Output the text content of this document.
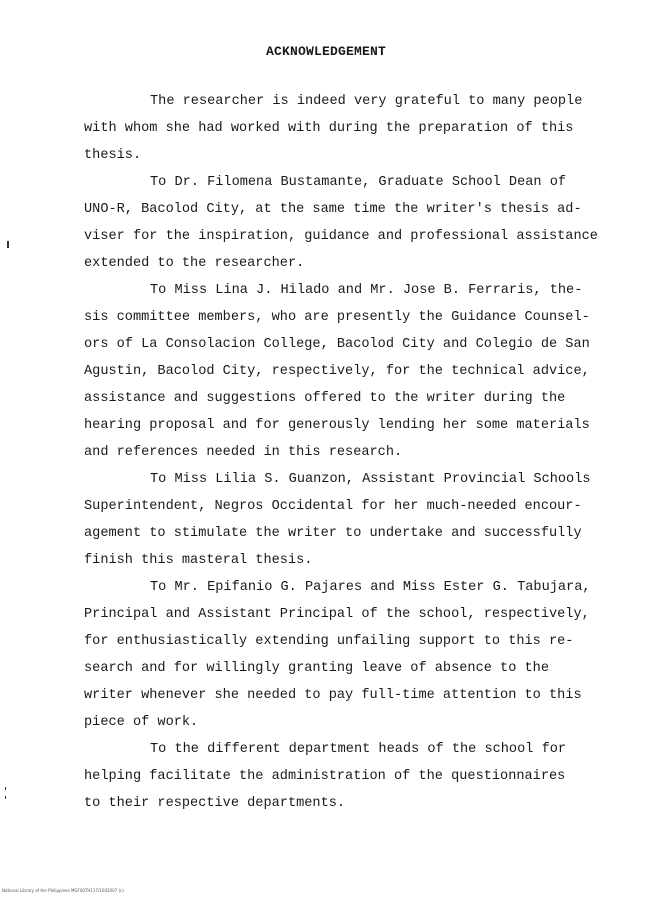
ACKNOWLEDGEMENT
The researcher is indeed very grateful to many people
with whom she had worked with during the preparation of this
thesis.
To Dr. Filomena Bustamante, Graduate School Dean of
UNO-R, Bacolod City, at the same time the writer's thesis ad-
viser for the inspiration, guidance and professional assistance
extended to the researcher.
To Miss Lina J. Hilado and Mr. Jose B. Ferraris, the-
sis committee members, who are presently the Guidance Counsel-
ors of La Consolacion College, Bacolod City and Colegio de San
Agustin, Bacolod City, respectively, for the technical advice,
assistance and suggestions offered to the writer during the
hearing proposal and for generously lending her some materials
and references needed in this research.
To Miss Lilia S. Guanzon, Assistant Provincial Schools
Superintendent, Negros Occidental for her much-needed encour-
agement to stimulate the writer to undertake and successfully
finish this masteral thesis.
To Mr. Epifanio G. Pajares and Miss Ester G. Tabujara,
Principal and Assistant Principal of the school, respectively,
for enthusiastically extending unfailing support to this re-
search and for willingly granting leave of absence to the
writer whenever she needed to pay full-time attention to this
piece of work.
To the different department heads of the school for
helping facilitate the administration of the questionnaires
to their respective departments.
National Library of the Philippines MGF00TH117/1002007 (c)
